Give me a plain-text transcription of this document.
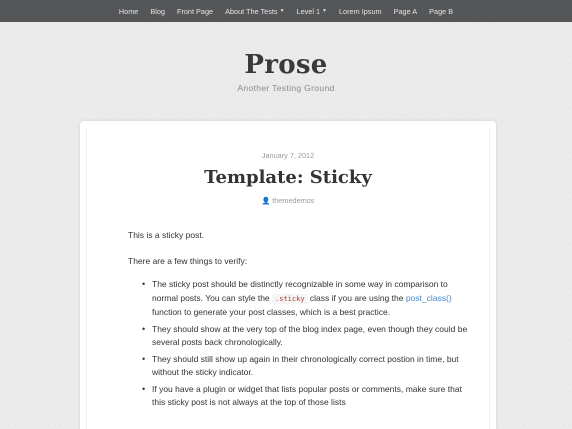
Home Blog Front Page About The Tests ▼ Level 1 ▼ Lorem Ipsum Page A Page B
Prose
Another Testing Ground
January 7, 2012
Template: Sticky
👤 themedemos

This is a sticky post.

There are a few things to verify:

• The sticky post should be distinctly recognizable in some way in comparison to normal posts. You can style the .sticky class if you are using the post_class() function to generate your post classes, which is a best practice.
• They should show at the very top of the blog index page, even though they could be several posts back chronologically.
• They should still show up again in their chronologically correct postion in time, but without the sticky indicator.
• If you have a plugin or widget that lists popular posts or comments, make sure that this sticky post is not always at the top of those lists
